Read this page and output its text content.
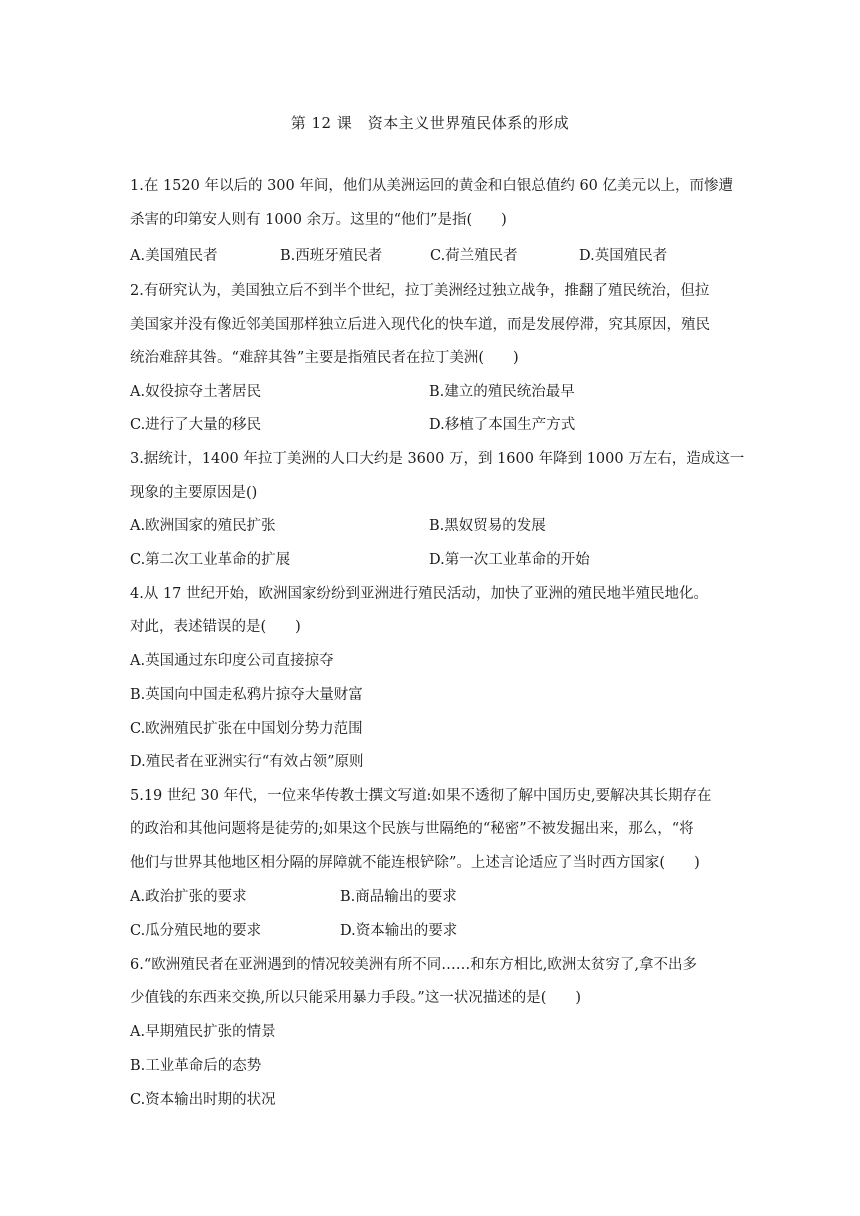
第 12 课　资本主义世界殖民体系的形成
1.在 1520 年以后的 300 年间，他们从美洲运回的黄金和白银总值约 60 亿美元以上，而惨遭
杀害的印第安人则有 1000 余万。这里的“他们”是指(　　)
A.美国殖民者	B.西班牙殖民者	C.荷兰殖民者	D.英国殖民者
2.有研究认为，美国独立后不到半个世纪，拉丁美洲经过独立战争，推翻了殖民统治，但拉
美国家并没有像近邻美国那样独立后进入现代化的快车道，而是发展停滞，究其原因，殖民
统治难辞其咎。“难辞其咎”主要是指殖民者在拉丁美洲(　　)
A.奴役掠夺土著居民	B.建立的殖民统治最早
C.进行了大量的移民	D.移植了本国生产方式
3.据统计，1400 年拉丁美洲的人口大约是 3600 万，到 1600 年降到 1000 万左右，造成这一
现象的主要原因是()
A.欧洲国家的殖民扩张	B.黑奴贸易的发展
C.第二次工业革命的扩展	D.第一次工业革命的开始
4.从 17 世纪开始，欧洲国家纷纷到亚洲进行殖民活动，加快了亚洲的殖民地半殖民地化。
对此，表述错误的是(　　)
A.英国通过东印度公司直接掠夺
B.英国向中国走私鸦片掠夺大量财富
C.欧洲殖民扩张在中国划分势力范围
D.殖民者在亚洲实行“有效占领”原则
5.19 世纪 30 年代，一位来华传教士撰文写道:如果不透彻了解中国历史,要解决其长期存在
的政治和其他问题将是徒劳的;如果这个民族与世隔绝的“秘密”不被发掘出来，那么，“将
他们与世界其他地区相分隔的屏障就不能连根铲除”。上述言论适应了当时西方国家(　　)
A.政治扩张的要求	B.商品输出的要求
C.瓜分殖民地的要求	D.资本输出的要求
6.“欧洲殖民者在亚洲遇到的情况较美洲有所不同……和东方相比,欧洲太贫穷了,拿不出多
少值钱的东西来交换,所以只能采用暴力手段。”这一状况描述的是(　　)
A.早期殖民扩张的情景
B.工业革命后的态势
C.资本输出时期的状况
